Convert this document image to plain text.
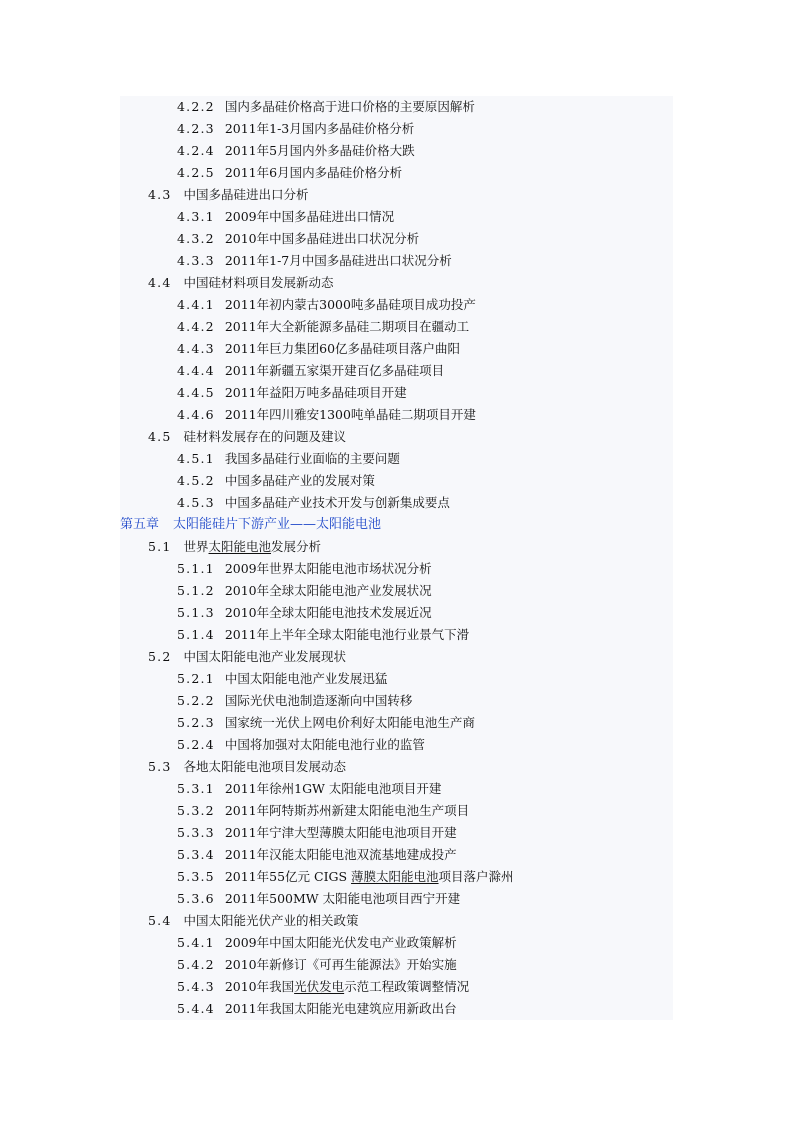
4.2.2 国内多晶硅价格高于进口价格的主要原因解析
4.2.3 2011年1-3月国内多晶硅价格分析
4.2.4 2011年5月国内外多晶硅价格大跌
4.2.5 2011年6月国内多晶硅价格分析
4.3 中国多晶硅进出口分析
4.3.1 2009年中国多晶硅进出口情况
4.3.2 2010年中国多晶硅进出口状况分析
4.3.3 2011年1-7月中国多晶硅进出口状况分析
4.4 中国硅材料项目发展新动态
4.4.1 2011年初内蒙古3000吨多晶硅项目成功投产
4.4.2 2011年大全新能源多晶硅二期项目在疆动工
4.4.3 2011年巨力集团60亿多晶硅项目落户曲阳
4.4.4 2011年新疆五家渠开建百亿多晶硅项目
4.4.5 2011年益阳万吨多晶硅项目开建
4.4.6 2011年四川雅安1300吨单晶硅二期项目开建
4.5 硅材料发展存在的问题及建议
4.5.1 我国多晶硅行业面临的主要问题
4.5.2 中国多晶硅产业的发展对策
4.5.3 中国多晶硅产业技术开发与创新集成要点
第五章 太阳能硅片下游产业——太阳能电池
5.1 世界太阳能电池发展分析
5.1.1 2009年世界太阳能电池市场状况分析
5.1.2 2010年全球太阳能电池产业发展状况
5.1.3 2010年全球太阳能电池技术发展近况
5.1.4 2011年上半年全球太阳能电池行业景气下滑
5.2 中国太阳能电池产业发展现状
5.2.1 中国太阳能电池产业发展迅猛
5.2.2 国际光伏电池制造逐渐向中国转移
5.2.3 国家统一光伏上网电价利好太阳能电池生产商
5.2.4 中国将加强对太阳能电池行业的监管
5.3 各地太阳能电池项目发展动态
5.3.1 2011年徐州1GW 太阳能电池项目开建
5.3.2 2011年阿特斯苏州新建太阳能电池生产项目
5.3.3 2011年宁津大型薄膜太阳能电池项目开建
5.3.4 2011年汉能太阳能电池双流基地建成投产
5.3.5 2011年55亿元 CIGS 薄膜太阳能电池项目落户滁州
5.3.6 2011年500MW 太阳能电池项目西宁开建
5.4 中国太阳能光伏产业的相关政策
5.4.1 2009年中国太阳能光伏发电产业政策解析
5.4.2 2010年新修订《可再生能源法》开始实施
5.4.3 2010年我国光伏发电示范工程政策调整情况
5.4.4 2011年我国太阳能光电建筑应用新政出台
